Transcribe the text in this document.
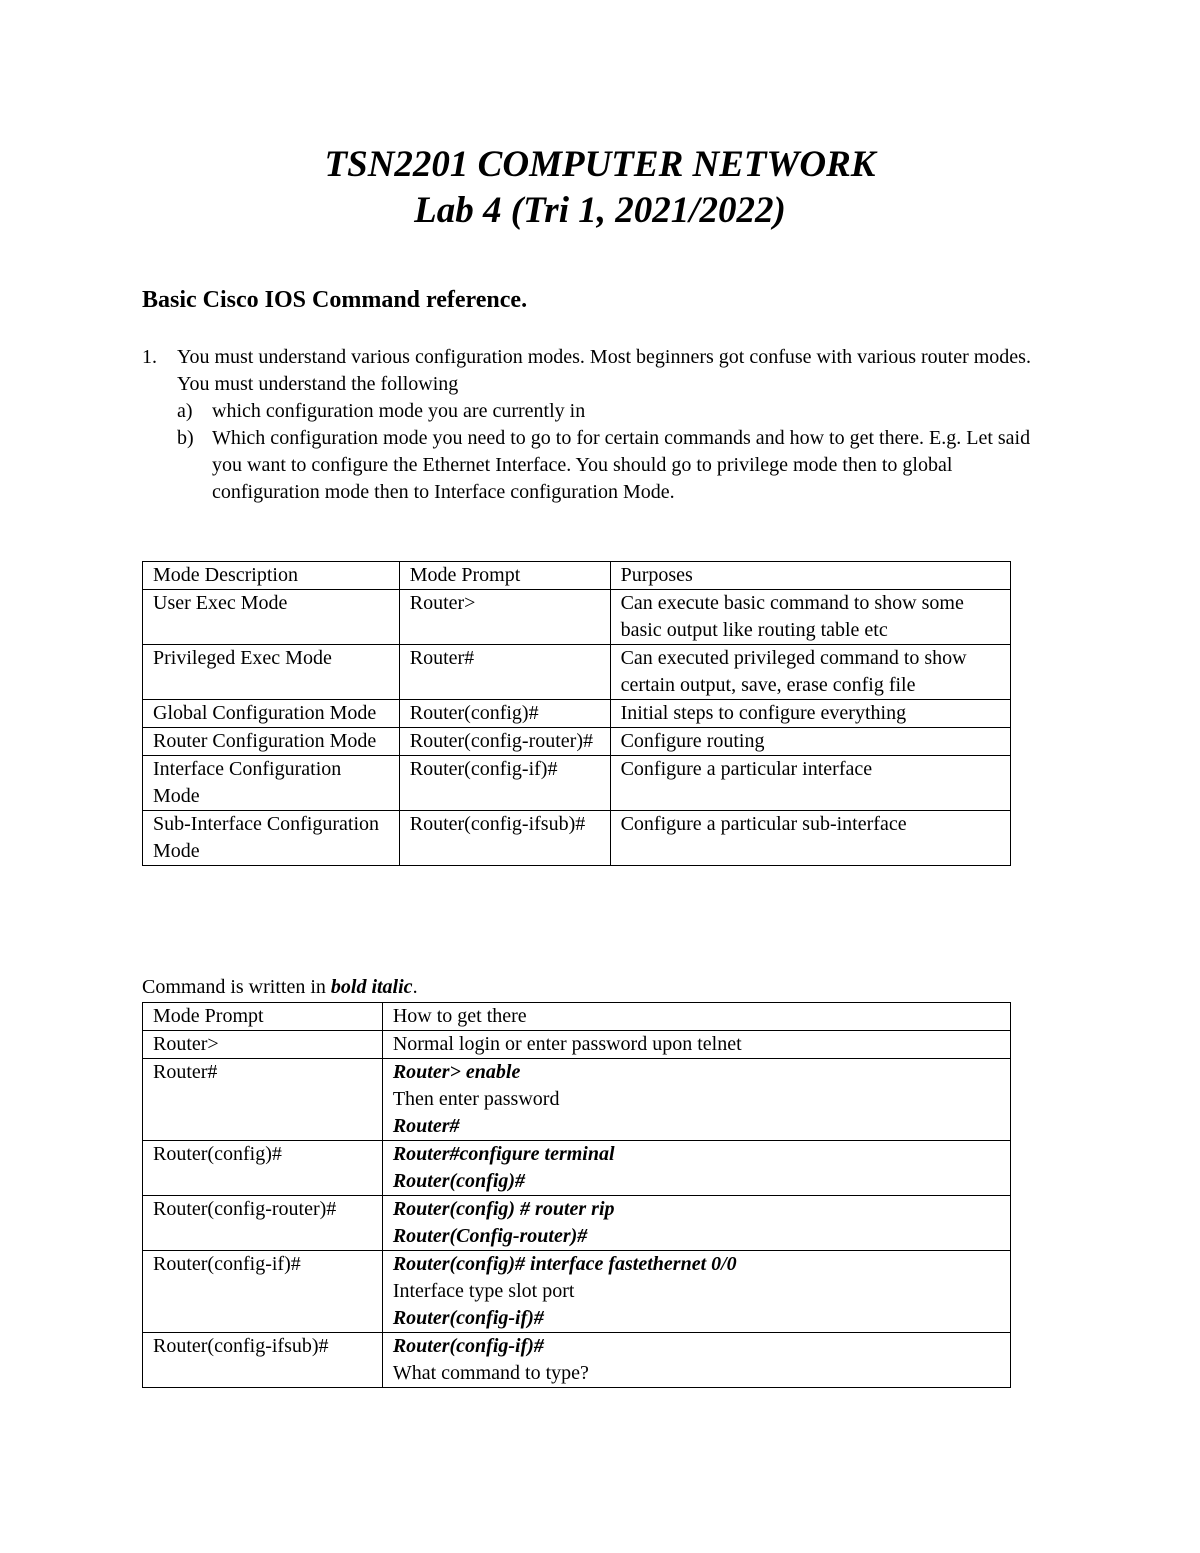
TSN2201 COMPUTER NETWORK
Lab 4 (Tri 1, 2021/2022)
Basic Cisco IOS Command reference.
1.	You must understand various configuration modes. Most beginners got confuse with various router modes. You must understand the following
a) which configuration mode you are currently in
b) Which configuration mode you need to go to for certain commands and how to get there. E.g. Let said you want to configure the Ethernet Interface. You should go to privilege mode then to global configuration mode then to Interface configuration Mode.
Mode Description	Mode Prompt	Purposes
User Exec Mode	Router>	Can execute basic command to show some basic output like routing table etc
Privileged Exec Mode	Router#	Can executed privileged command to show certain output, save, erase config file
Global Configuration Mode	Router(config)#	Initial steps to configure everything
Router Configuration Mode	Router(config-router)#	Configure routing
Interface Configuration Mode	Router(config-if)#	Configure a particular interface
Sub-Interface Configuration Mode	Router(config-ifsub)#	Configure a particular sub-interface
Command is written in bold italic.
Mode Prompt	How to get there
Router>	Normal login or enter password upon telnet

Router#	Router> enable
Then enter password
Router#

Router(config)#	Router#configure terminal
Router(config)#

Router(config-router)#	Router(config) # router rip
Router(Config-router)#

Router(config-if)#	Router(config)# interface fastethernet 0/0
Interface type slot port
Router(config-if)#

Router(config-ifsub)#	Router(config-if)#
What command to type?
